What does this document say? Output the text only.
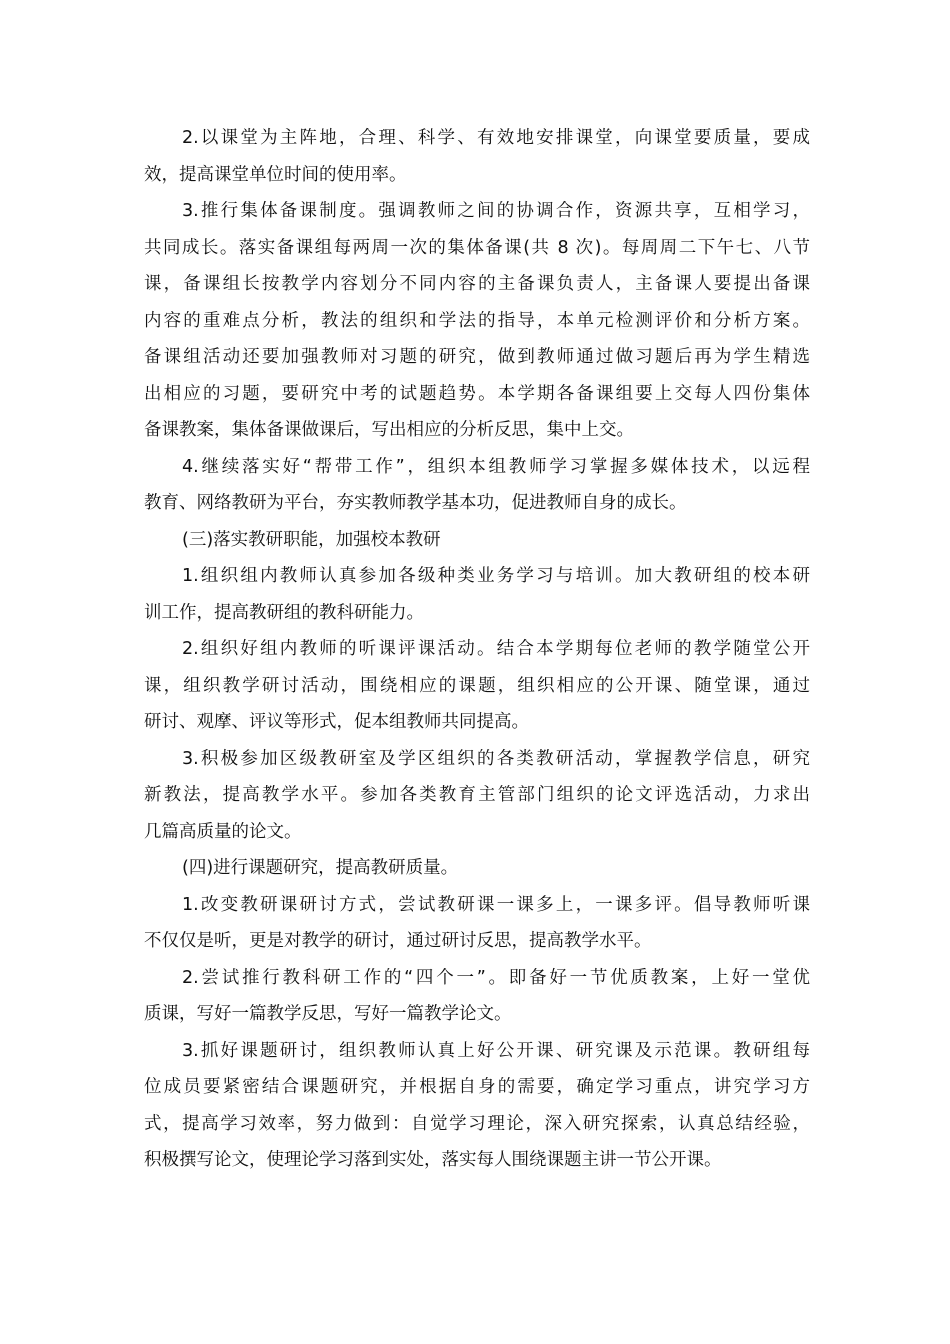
2.以课堂为主阵地，合理、科学、有效地安排课堂，向课堂要质量，要成
效，提高课堂单位时间的使用率。
3.推行集体备课制度。强调教师之间的协调合作，资源共享，互相学习，
共同成长。落实备课组每两周一次的集体备课(共 8 次)。每周周二下午七、八节
课，备课组长按教学内容划分不同内容的主备课负责人，主备课人要提出备课
内容的重难点分析，教法的组织和学法的指导，本单元检测评价和分析方案。
备课组活动还要加强教师对习题的研究，做到教师通过做习题后再为学生精选
出相应的习题，要研究中考的试题趋势。本学期各备课组要上交每人四份集体
备课教案，集体备课做课后，写出相应的分析反思，集中上交。
4.继续落实好“帮带工作”，组织本组教师学习掌握多媒体技术，以远程
教育、网络教研为平台，夯实教师教学基本功，促进教师自身的成长。
(三)落实教研职能，加强校本教研
1.组织组内教师认真参加各级种类业务学习与培训。加大教研组的校本研
训工作，提高教研组的教科研能力。
2.组织好组内教师的听课评课活动。结合本学期每位老师的教学随堂公开
课，组织教学研讨活动，围绕相应的课题，组织相应的公开课、随堂课，通过
研讨、观摩、评议等形式，促本组教师共同提高。
3.积极参加区级教研室及学区组织的各类教研活动，掌握教学信息，研究
新教法，提高教学水平。参加各类教育主管部门组织的论文评选活动，力求出
几篇高质量的论文。
(四)进行课题研究，提高教研质量。
1.改变教研课研讨方式，尝试教研课一课多上，一课多评。倡导教师听课
不仅仅是听，更是对教学的研讨，通过研讨反思，提高教学水平。
2.尝试推行教科研工作的“四个一”。即备好一节优质教案，上好一堂优
质课，写好一篇教学反思，写好一篇教学论文。
3.抓好课题研讨，组织教师认真上好公开课、研究课及示范课。教研组每
位成员要紧密结合课题研究，并根据自身的需要，确定学习重点，讲究学习方
式，提高学习效率，努力做到：自觉学习理论，深入研究探索，认真总结经验，
积极撰写论文，使理论学习落到实处，落实每人围绕课题主讲一节公开课。
